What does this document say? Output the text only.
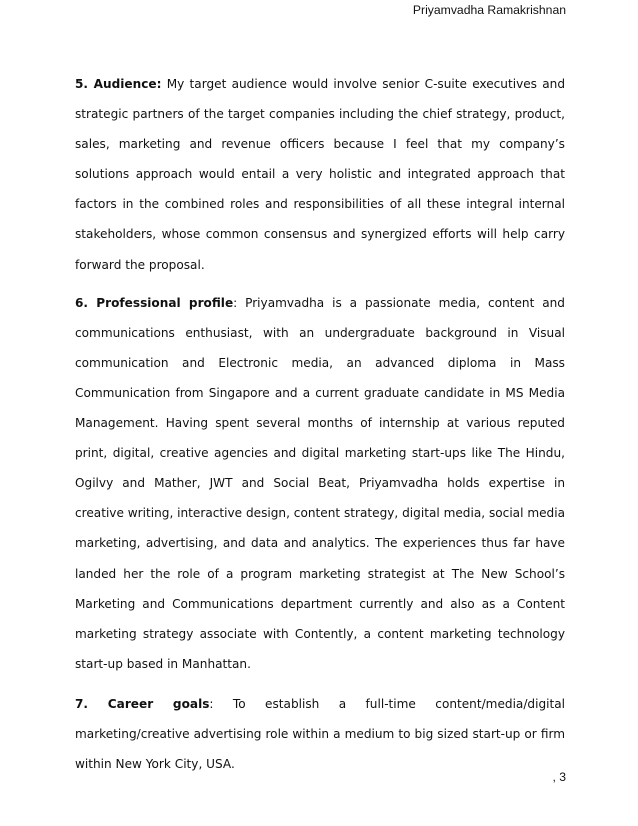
Priyamvadha Ramakrishnan

5. Audience: My target audience would involve senior C-suite executives and strategic partners of the target companies including the chief strategy, product, sales, marketing and revenue officers because I feel that my company’s solutions approach would entail a very holistic and integrated approach that factors in the combined roles and responsibilities of all these integral internal stakeholders, whose common consensus and synergized efforts will help carry forward the proposal.

6. Professional profile: Priyamvadha is a passionate media, content and communications enthusiast, with an undergraduate background in Visual communication and Electronic media, an advanced diploma in Mass Communication from Singapore and a current graduate candidate in MS Media Management. Having spent several months of internship at various reputed print, digital, creative agencies and digital marketing start-ups like The Hindu, Ogilvy and Mather, JWT and Social Beat, Priyamvadha holds expertise in creative writing, interactive design, content strategy, digital media, social media marketing, advertising, and data and analytics. The experiences thus far have landed her the role of a program marketing strategist at The New School’s Marketing and Communications department currently and also as a Content marketing strategy associate with Contently, a content marketing technology start-up based in Manhattan.

7. Career goals: To establish a full-time content/media/digital marketing/creative advertising role within a medium to big sized start-up or firm within New York City, USA.

, 3
